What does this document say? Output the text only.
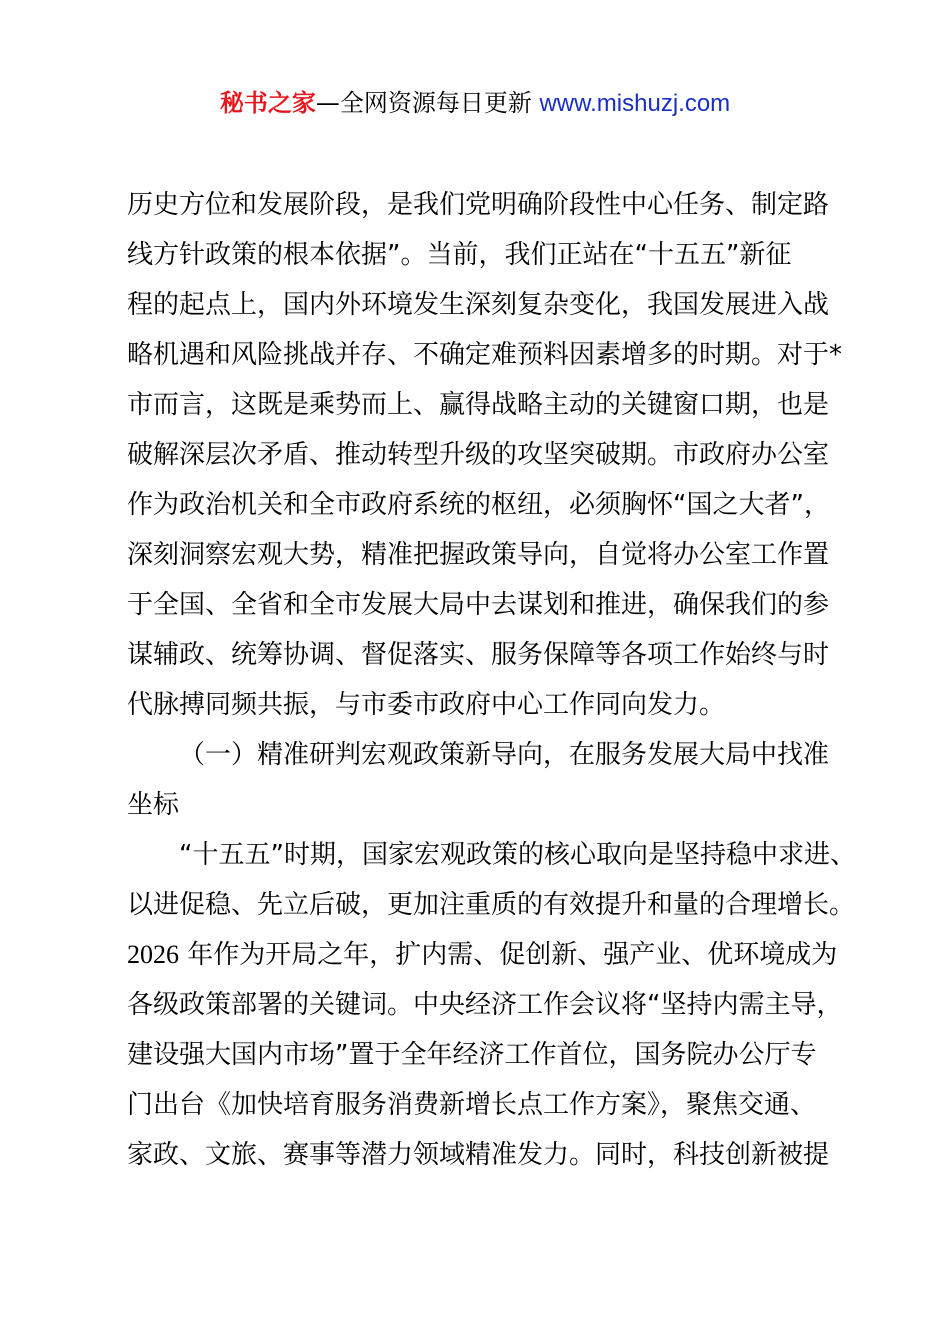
秘书之家—全网资源每日更新 www.mishuzj.com
历史方位和发展阶段，是我们党明确阶段性中心任务、制定路
线方针政策的根本依据”。当前，我们正站在“十五五”新征
程的起点上，国内外环境发生深刻复杂变化，我国发展进入战
略机遇和风险挑战并存、不确定难预料因素增多的时期。对于*
市而言，这既是乘势而上、赢得战略主动的关键窗口期，也是
破解深层次矛盾、推动转型升级的攻坚突破期。市政府办公室
作为政治机关和全市政府系统的枢纽，必须胸怀“国之大者”，
深刻洞察宏观大势，精准把握政策导向，自觉将办公室工作置
于全国、全省和全市发展大局中去谋划和推进，确保我们的参
谋辅政、统筹协调、督促落实、服务保障等各项工作始终与时
代脉搏同频共振，与市委市政府中心工作同向发力。
（一）精准研判宏观政策新导向，在服务发展大局中找准
坐标
“十五五”时期，国家宏观政策的核心取向是坚持稳中求进、
以进促稳、先立后破，更加注重质的有效提升和量的合理增长。
2026 年作为开局之年，扩内需、促创新、强产业、优环境成为
各级政策部署的关键词。中央经济工作会议将“坚持内需主导，
建设强大国内市场”置于全年经济工作首位，国务院办公厅专
门出台《加快培育服务消费新增长点工作方案》，聚焦交通、
家政、文旅、赛事等潜力领域精准发力。同时，科技创新被提
